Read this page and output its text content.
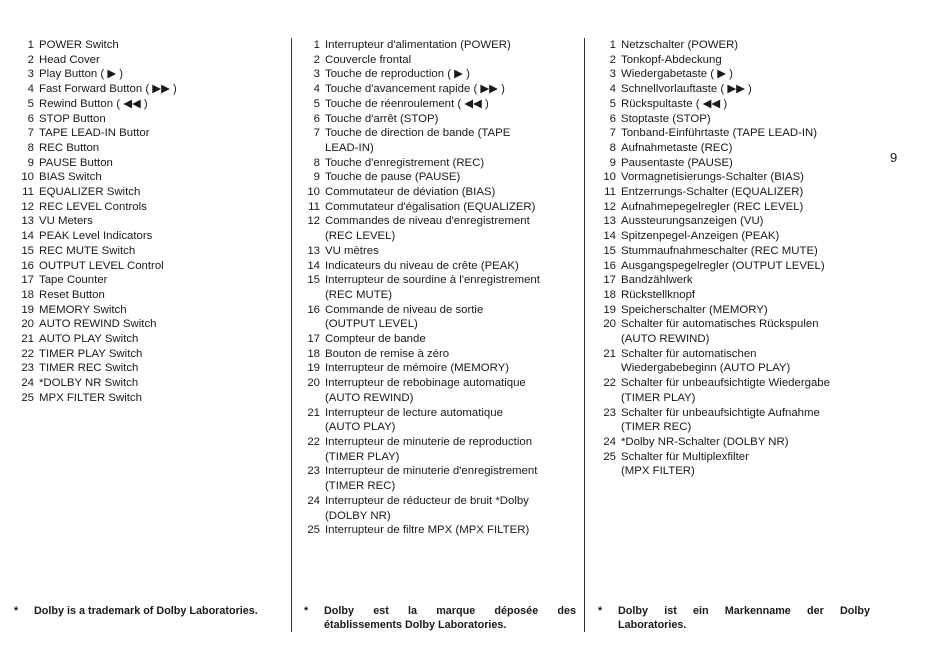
1 POWER Switch
2 Head Cover
3 Play Button ( ▶ )
4 Fast Forward Button ( ▶▶ )
5 Rewind Button ( ◀◀ )
6 STOP Button
7 TAPE LEAD-IN Buttor
8 REC Button
9 PAUSE Button
10 BIAS Switch
11 EQUALIZER Switch
12 REC LEVEL Controls
13 VU Meters
14 PEAK Level Indicators
15 REC MUTE Switch
16 OUTPUT LEVEL Control
17 Tape Counter
18 Reset Button
19 MEMORY Switch
20 AUTO REWIND Switch
21 AUTO PLAY Switch
22 TIMER PLAY Switch
23 TIMER REC Switch
24 *DOLBY NR Switch
25 MPX FILTER Switch
1 Interrupteur d'alimentation (POWER)
2 Couvercle frontal
3 Touche de reproduction ( ▶ )
4 Touche d'avancement rapide ( ▶▶ )
5 Touche de réenroulement ( ◀◀ )
6 Touche d'arrêt (STOP)
7 Touche de direction de bande (TAPE
LEAD-IN)
8 Touche d'enregistrement (REC)
9 Touche de pause (PAUSE)
10 Commutateur de déviation (BIAS)
11 Commutateur d'égalisation (EQUALIZER)
12 Commandes de niveau d'enregistrement
(REC LEVEL)
13 VU mètres
14 Indicateurs du niveau de crête (PEAK)
15 Interrupteur de sourdine à l'enregistrement
(REC MUTE)
16 Commande de niveau de sortie
(OUTPUT LEVEL)
17 Compteur de bande
18 Bouton de remise à zéro
19 Interrupteur de mémoire (MEMORY)
20 Interrupteur de rebobinage automatique
(AUTO REWIND)
21 Interrupteur de lecture automatique
(AUTO PLAY)
22 Interrupteur de minuterie de reproduction
(TIMER PLAY)
23 Interrupteur de minuterie d'enregistrement
(TIMER REC)
24 Interrupteur de réducteur de bruit *Dolby
(DOLBY NR)
25 Interrupteur de filtre MPX (MPX FILTER)
1 Netzschalter (POWER)
2 Tonkopf-Abdeckung
3 Wiedergabetaste ( ▶ )
4 Schnellvorlauftaste ( ▶▶ )
5 Rückspultaste ( ◀◀ )
6 Stoptaste (STOP)
7 Tonband-Einführtaste (TAPE LEAD-IN)
8 Aufnahmetaste (REC)
9 Pausentaste (PAUSE)
10 Vormagnetisierungs-Schalter (BIAS)
11 Entzerrungs-Schalter (EQUALIZER)
12 Aufnahmepegelregler (REC LEVEL)
13 Aussteurungsanzeigen (VU)
14 Spitzenpegel-Anzeigen (PEAK)
15 Stummaufnahmeschalter (REC MUTE)
16 Ausgangspegelregler (OUTPUT LEVEL)
17 Bandzählwerk
18 Rückstellknopf
19 Speicherschalter (MEMORY)
20 Schalter für automatisches Rückspulen
(AUTO REWIND)
21 Schalter für automatischen
Wiedergabebeginn (AUTO PLAY)
22 Schalter für unbeaufsichtigte Wiedergabe
(TIMER PLAY)
23 Schalter für unbeaufsichtigte Aufnahme
(TIMER REC)
24 *Dolby NR-Schalter (DOLBY NR)
25 Schalter für Multiplexfilter
(MPX FILTER)
9
*	Dolby is a trademark of Dolby Laboratories.	*	Dolby est la marque déposée des établissements Dolby Laboratories.
*	Dolby ist ein Markenname der Dolby Laboratories.
